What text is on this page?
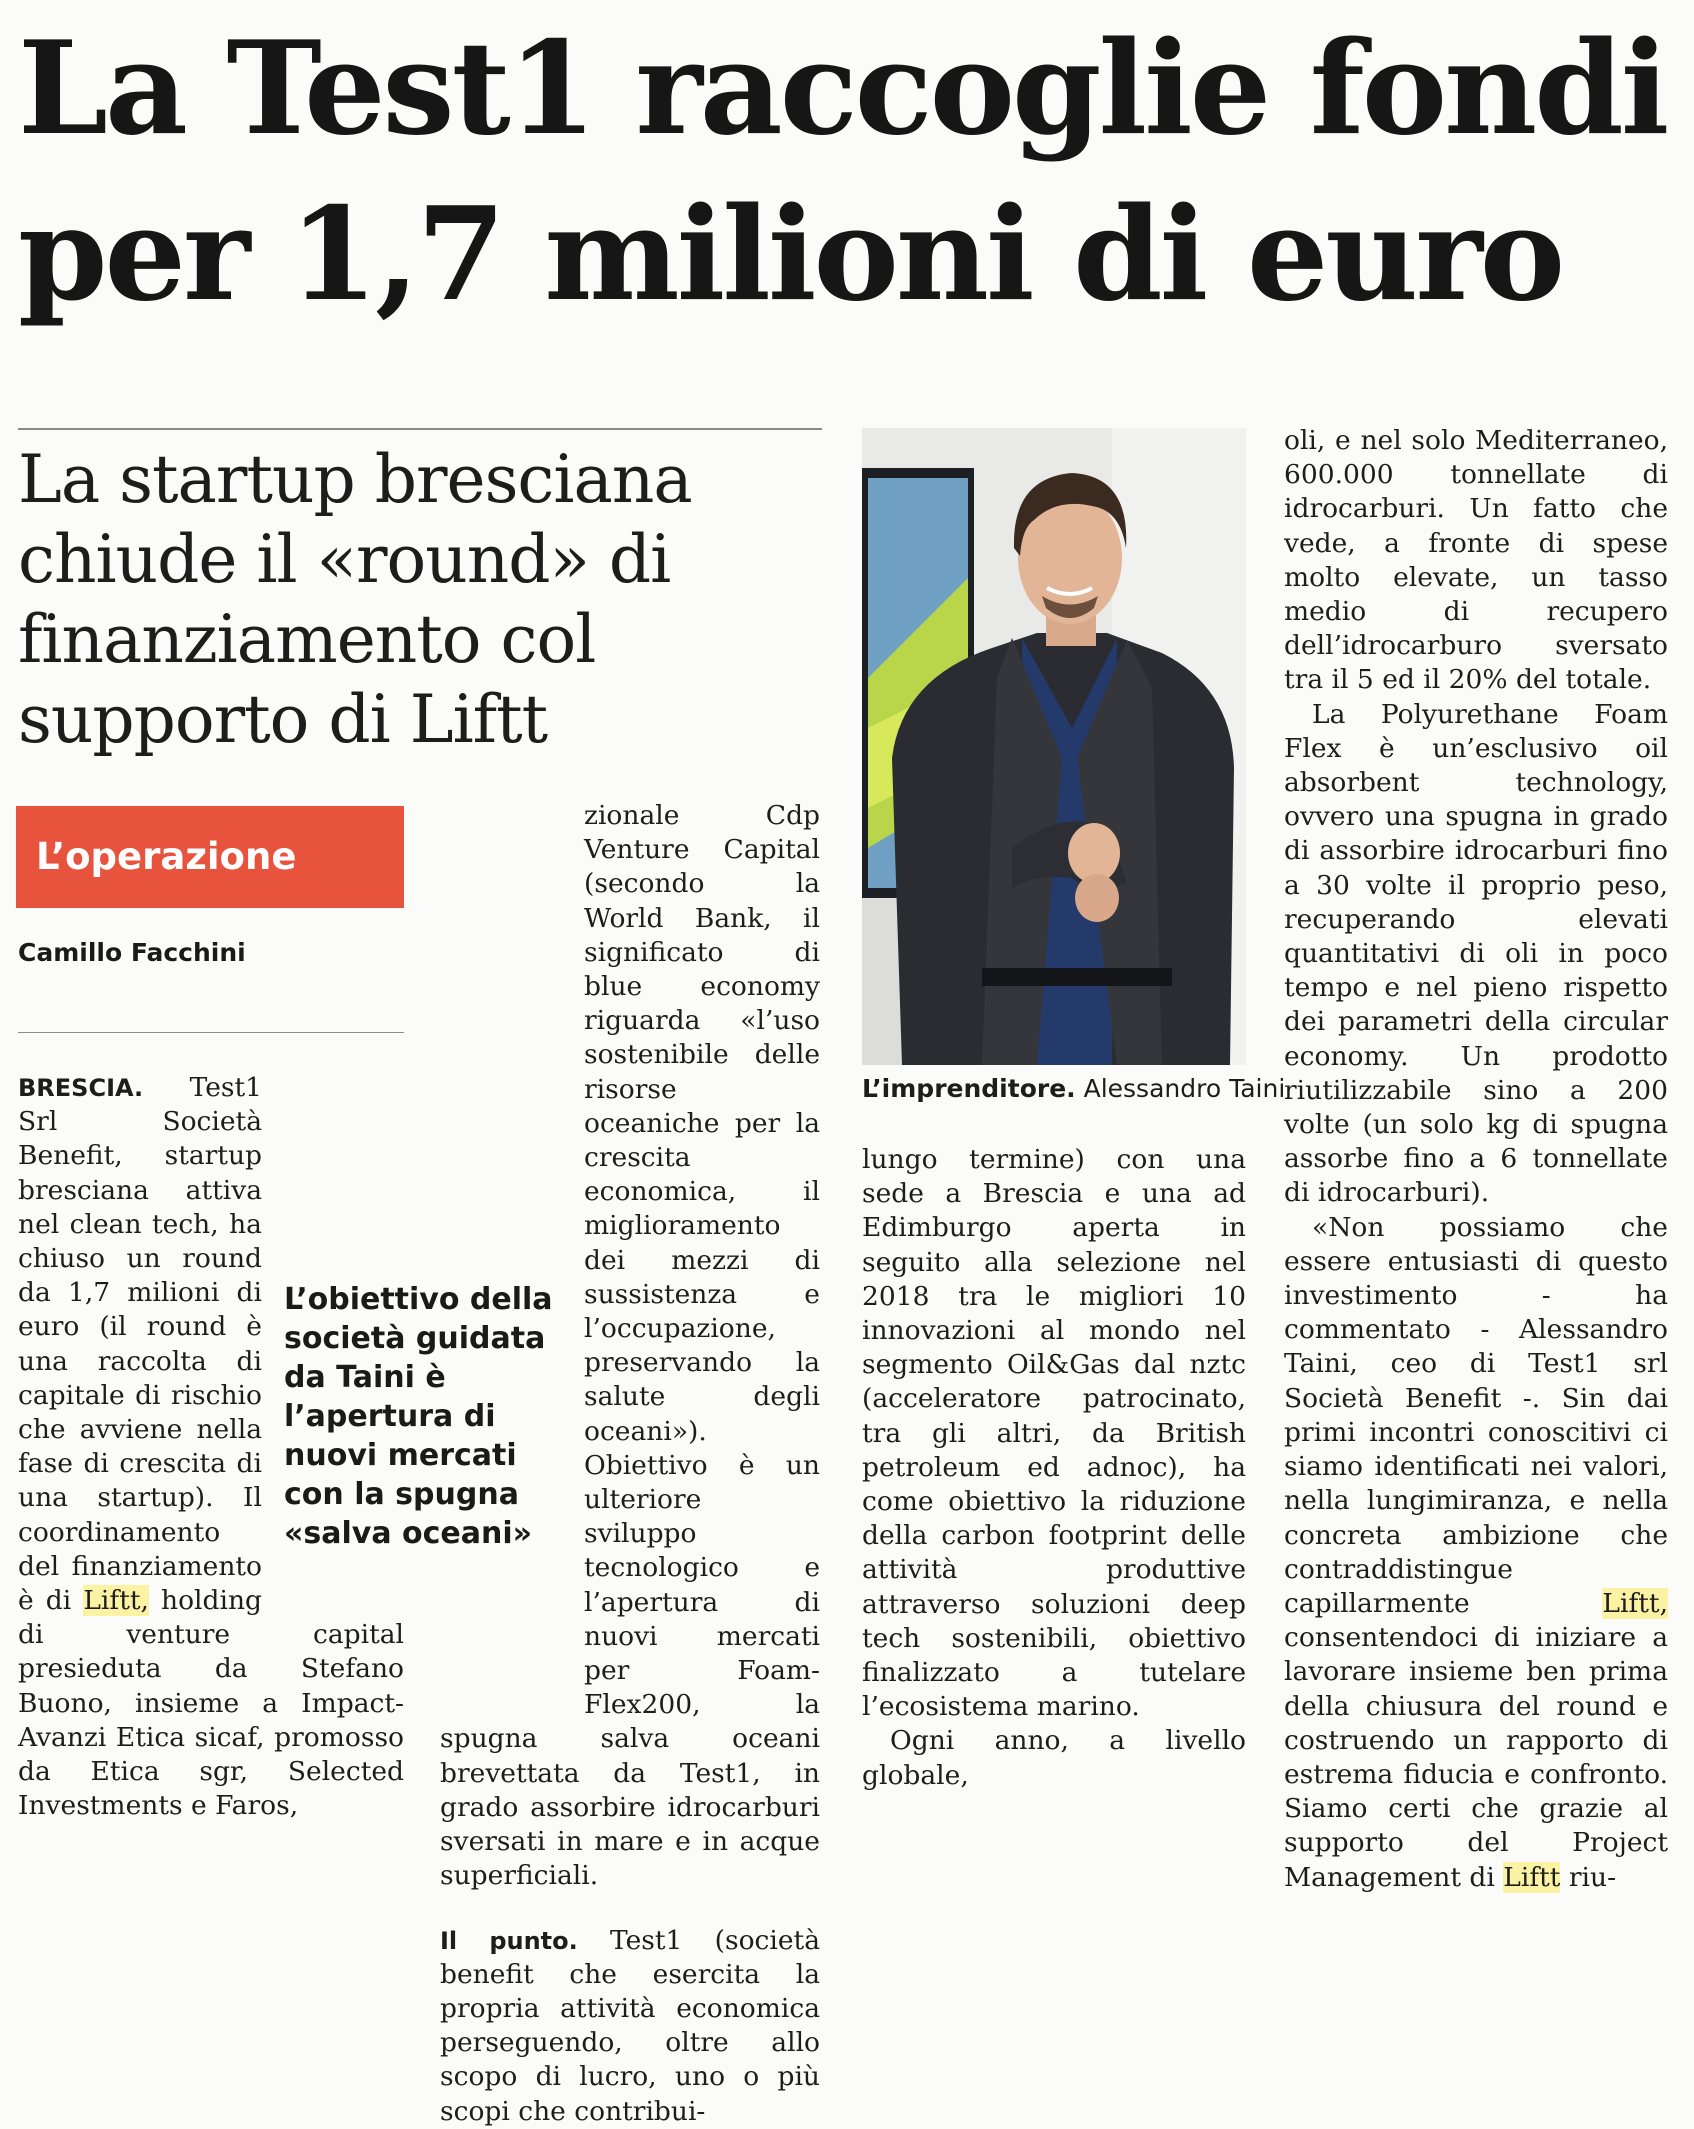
La Test1 raccoglie fondi per 1,7 milioni di euro
La startup bresciana chiude il «round» di finanziamento col supporto di Liftt
L’operazione
Camillo Facchini

BRESCIA. Test1 Srl Società Benefit, startup bresciana attiva nel clean tech, ha chiuso un round da 1,7 milioni di euro (il round è una raccolta di capitale di rischio che avviene nella fase di crescita di una startup). Il coordinamento del finanziamento è di Liftt, holding di venture capital presieduta da Stefano Buono, insieme a Impact-Avanzi Etica sicaf, promosso da Etica sgr, Selected Investments e Faros,

zionale Cdp Venture Capital (secondo la World Bank, il significato di blue economy riguarda «l’uso sostenibile delle risorse oceaniche per la crescita economica, il miglioramento dei mezzi di sussistenza e l’occupazione, preservando la salute degli oceani»). Obiettivo è un ulteriore sviluppo tecnologico e l’apertura di nuovi mercati per Foam-Flex200, la spugna salva oceani brevettata da Test1, in grado assorbire idrocarburi sversati in mare e in acque superficiali.

Il punto. Test1 (società benefit che esercita la propria attività economica perseguendo, oltre allo scopo di lucro, uno o più scopi che contribui-

L’obiettivo della società guidata da Taini è l’apertura di nuovi mercati con la spugna «salva oceani»
L’imprenditore. Alessandro Taini

lungo termine) con una sede a Brescia e una ad Edimburgo aperta in seguito alla selezione nel 2018 tra le migliori 10 innovazioni al mondo nel segmento Oil&Gas dal nztc (acceleratore patrocinato, tra gli altri, da British petroleum ed adnoc), ha come obiettivo la riduzione della carbon footprint delle attività produttive attraverso soluzioni deep tech sostenibili, obiettivo finalizzato a tutelare l’ecosistema marino.

Ogni anno, a livello globale,

oli, e nel solo Mediterraneo, 600.000 tonnellate di idrocarburi. Un fatto che vede, a fronte di spese molto elevate, un tasso medio di recupero dell’idrocarburo sversato tra il 5 ed il 20% del totale.

La Polyurethane Foam Flex è un’esclusivo oil absorbent technology, ovvero una spugna in grado di assorbire idrocarburi fino a 30 volte il proprio peso, recuperando elevati quantitativi di oli in poco tempo e nel pieno rispetto dei parametri della circular economy. Un prodotto riutilizzabile sino a 200 volte (un solo kg di spugna assorbe fino a 6 tonnellate di idrocarburi).

«Non possiamo che essere entusiasti di questo investimento - ha commentato - Alessandro Taini, ceo di Test1 srl Società Benefit -. Sin dai primi incontri conoscitivi ci siamo identificati nei valori, nella lungimiranza, e nella concreta ambizione che contraddistingue capillarmente Liftt, consentendoci di iniziare a lavorare insieme ben prima della chiusura del round e costruendo un rapporto di estrema fiducia e confronto. Siamo certi che grazie al supporto del Project Management di Liftt riu-
